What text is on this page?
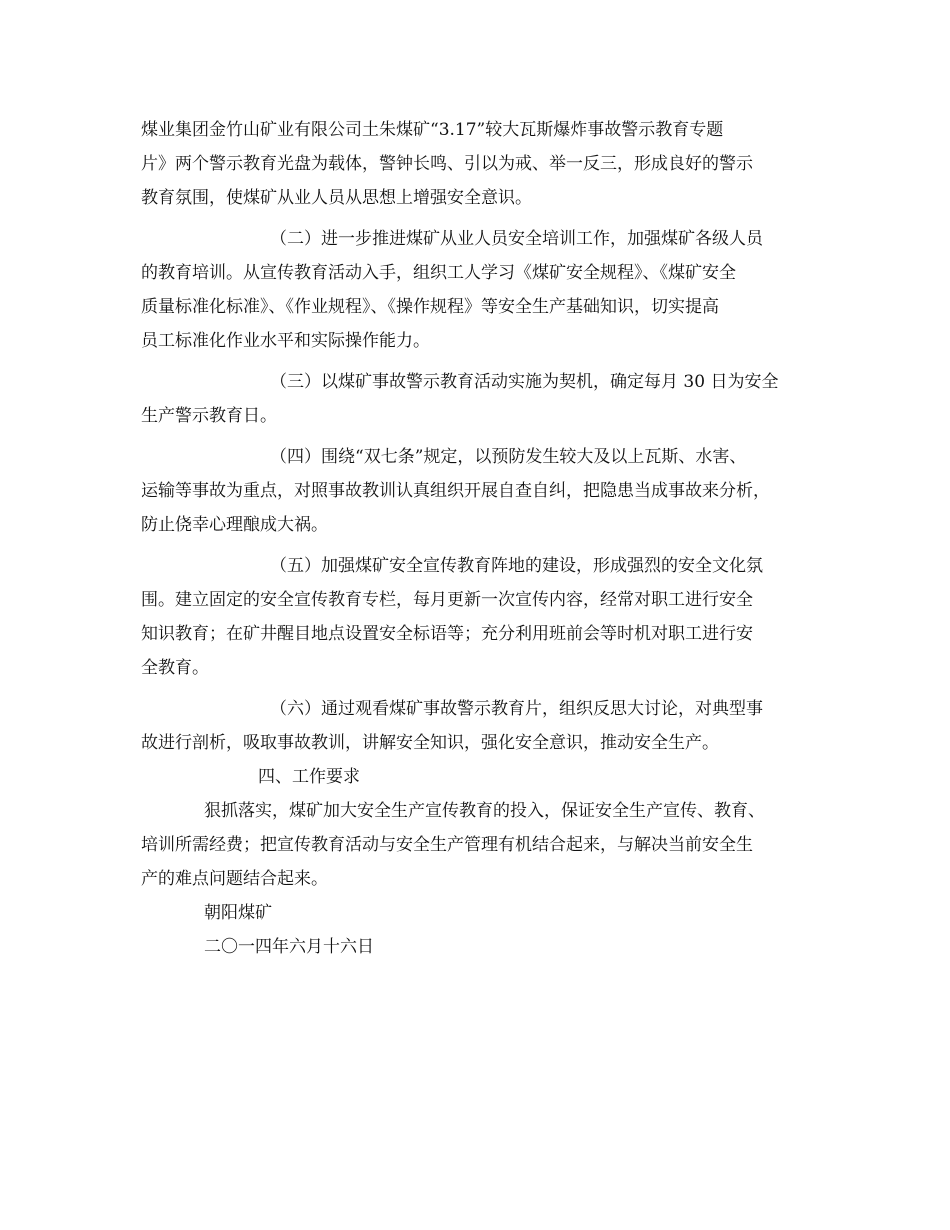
煤业集团金竹山矿业有限公司土朱煤矿“3.17”较大瓦斯爆炸事故警示教育专题
片》两个警示教育光盘为载体，警钟长鸣、引以为戒、举一反三，形成良好的警示
教育氛围，使煤矿从业人员从思想上增强安全意识。
（二）进一步推进煤矿从业人员安全培训工作，加强煤矿各级人员
的教育培训。从宣传教育活动入手，组织工人学习《煤矿安全规程》、《煤矿安全
质量标准化标准》、《作业规程》、《操作规程》等安全生产基础知识，切实提高
员工标准化作业水平和实际操作能力。
（三）以煤矿事故警示教育活动实施为契机，确定每月 30 日为安全
生产警示教育日。
（四）围绕“双七条”规定，以预防发生较大及以上瓦斯、水害、
运输等事故为重点，对照事故教训认真组织开展自查自纠，把隐患当成事故来分析，
防止侥幸心理酿成大祸。
（五）加强煤矿安全宣传教育阵地的建设，形成强烈的安全文化氛
围。建立固定的安全宣传教育专栏，每月更新一次宣传内容，经常对职工进行安全
知识教育；在矿井醒目地点设置安全标语等；充分利用班前会等时机对职工进行安
全教育。
（六）通过观看煤矿事故警示教育片，组织反思大讨论，对典型事
故进行剖析，吸取事故教训，讲解安全知识，强化安全意识，推动安全生产。
四、工作要求
狠抓落实，煤矿加大安全生产宣传教育的投入，保证安全生产宣传、教育、
培训所需经费；把宣传教育活动与安全生产管理有机结合起来，与解决当前安全生
产的难点问题结合起来。
朝阳煤矿
二〇一四年六月十六日
